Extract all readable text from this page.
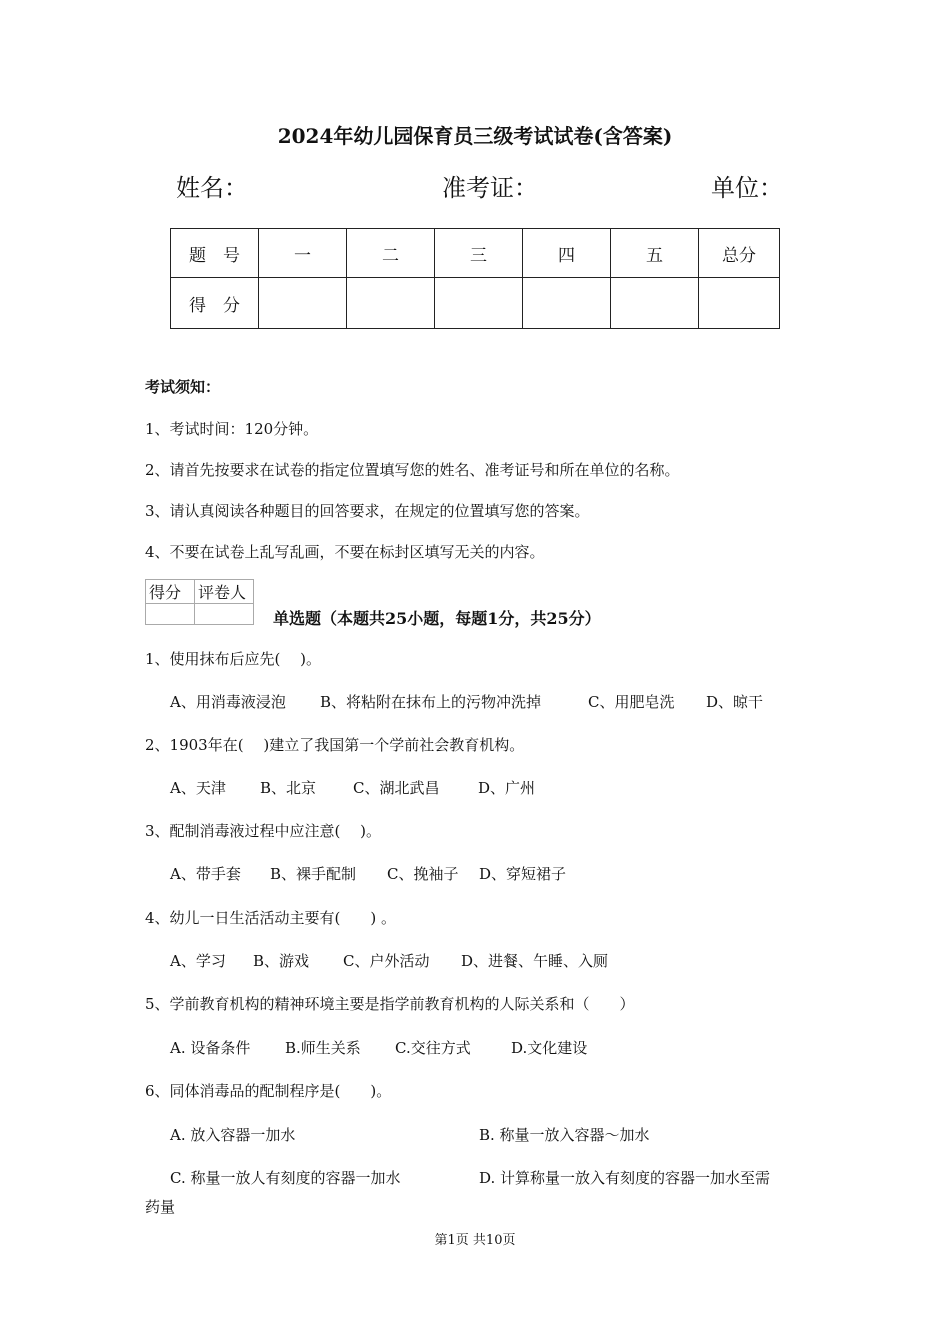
2024年幼儿园保育员三级考试试卷(含答案)
姓名：	准考证：	单位：
题　号	一	二	三	四	五	总分
得　分						
考试须知：
1、考试时间：120分钟。
2、请首先按要求在试卷的指定位置填写您的姓名、准考证号和所在单位的名称。
3、请认真阅读各种题目的回答要求，在规定的位置填写您的答案。
4、不要在试卷上乱写乱画，不要在标封区填写无关的内容。
得分	评卷人

单选题（本题共25小题，每题1分，共25分）
1、使用抹布后应先(　 )。
A、用消毒液浸泡 B、将粘附在抹布上的污物冲洗掉	C、用肥皂洗 D、晾干
2、1903年在(　 )建立了我国第一个学前社会教育机构。
A、天津 B、北京 C、湖北武昌	D、广州
3、配制消毒液过程中应注意(　 )。
A、带手套 B、裸手配制 C、挽袖子 D、穿短裙子
4、幼儿一日生活活动主要有(　　) 。
A、学习 B、游戏 C、户外活动 D、进餐、午睡、入厕
5、学前教育机构的精神环境主要是指学前教育机构的人际关系和（　　）
A. 设备条件 B.师生关系 C.交往方式	D.文化建设
6、同体消毒品的配制程序是(　　)。
A. 放入容器一加水	B. 称量一放入容器～加水
C. 称量一放人有刻度的容器一加水	D. 计算称量一放入有刻度的容器一加水至需
药量
第1页 共10页
